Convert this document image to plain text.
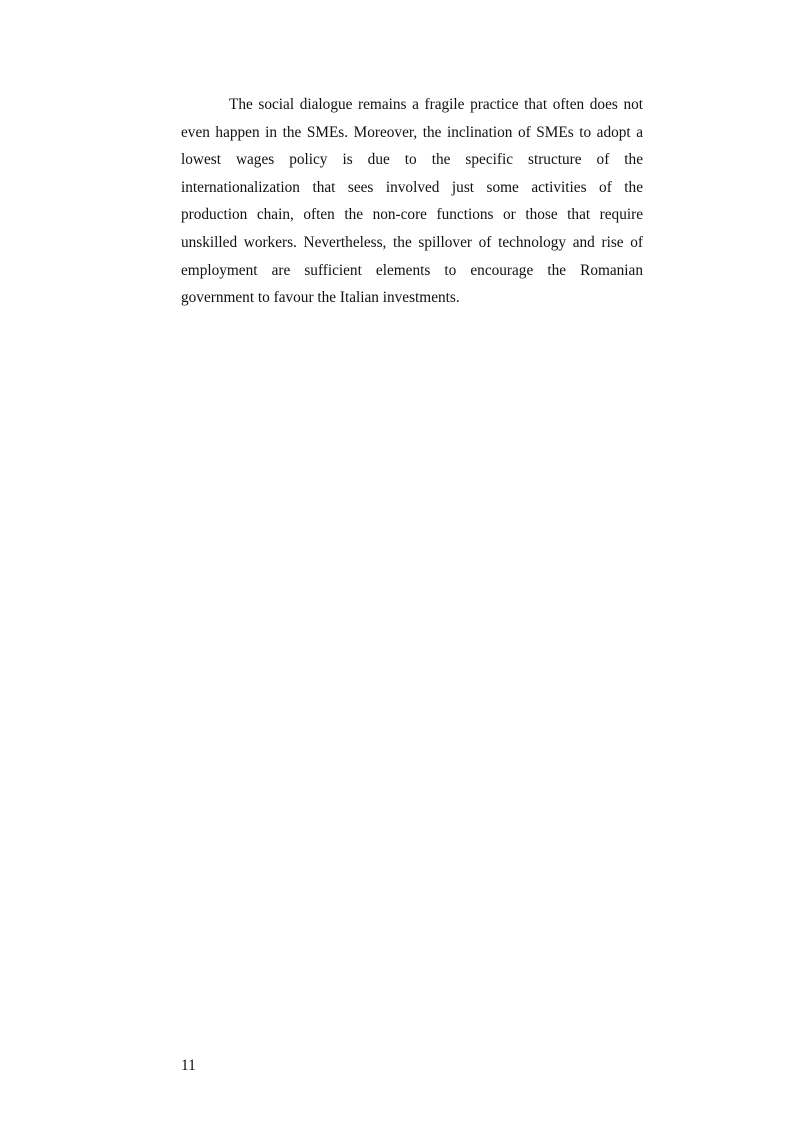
The social dialogue remains a fragile practice that often does not even happen in the SMEs. Moreover, the inclination of SMEs to adopt a lowest wages policy is due to the specific structure of the internationalization that sees involved just some activities of the production chain, often the non-core functions or those that require unskilled workers. Nevertheless, the spillover of technology and rise of employment are sufficient elements to encourage the Romanian government to favour the Italian investments.

11
